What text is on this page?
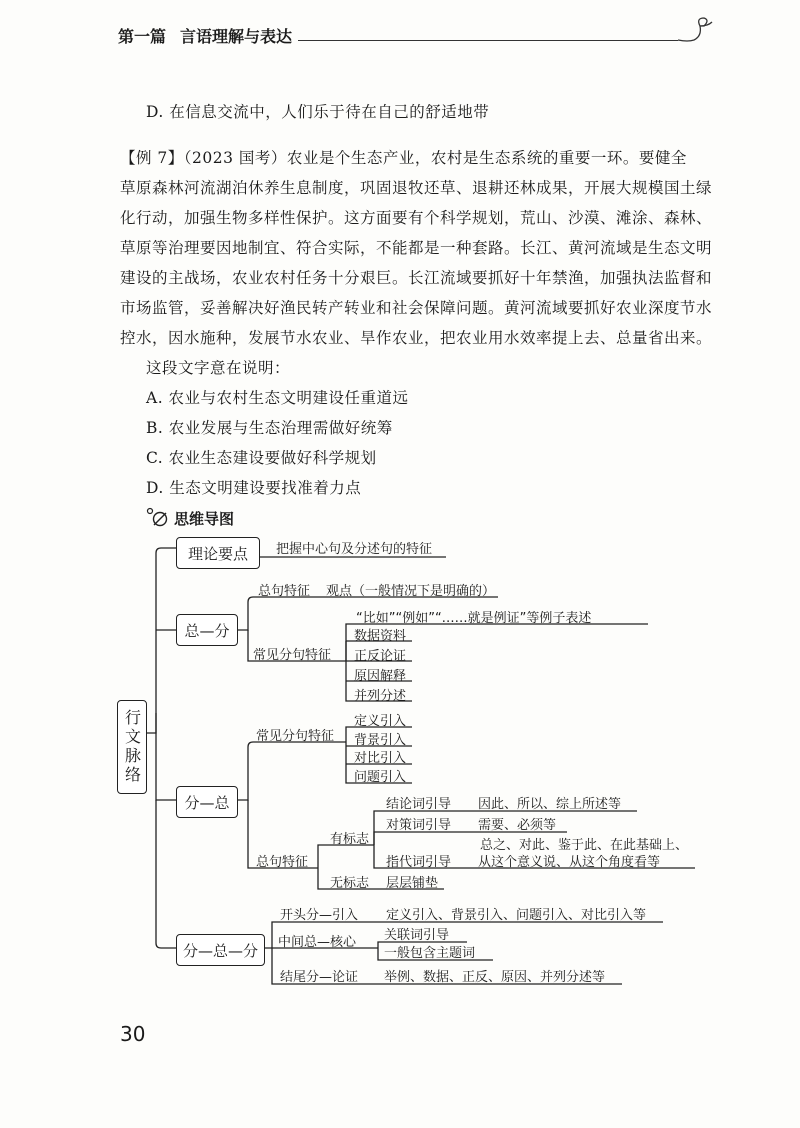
第一篇 言语理解与表达
D. 在信息交流中，人们乐于待在自己的舒适地带
【例 7】（2023 国考）农业是个生态产业，农村是生态系统的重要一环。要健全
草原森林河流湖泊休养生息制度，巩固退牧还草、退耕还林成果，开展大规模国土绿
化行动，加强生物多样性保护。这方面要有个科学规划，荒山、沙漠、滩涂、森林、
草原等治理要因地制宜、符合实际，不能都是一种套路。长江、黄河流域是生态文明
建设的主战场，农业农村任务十分艰巨。长江流域要抓好十年禁渔，加强执法监督和
市场监管，妥善解决好渔民转产转业和社会保障问题。黄河流域要抓好农业深度节水
控水，因水施种，发展节水农业、旱作农业，把农业用水效率提上去、总量省出来。
这段文字意在说明：
A. 农业与农村生态文明建设任重道远
B. 农业发展与生态治理需做好统筹
C. 农业生态建设要做好科学规划
D. 生态文明建设要找准着力点
思维导图
行文脉络
理论要点
总—分
分—总
分—总—分
把握中心句及分述句的特征
总句特征 观点（一般情况下是明确的）
常见分句特征
“比如”“例如”“……就是例证”等例子表述
数据资料
正反论证
原因解释
并列分述
常见分句特征
定义引入
背景引入
对比引入
问题引入
总句特征
有标志
无标志 层层铺垫
结论词引导 因此、所以、综上所述等
对策词引导 需要、必须等
指代词引导
总之、对此、鉴于此、在此基础上、
从这个意义说、从这个角度看等
开头分—引入 定义引入、背景引入、问题引入、对比引入等
中间总—核心 关联词引导
一般包含主题词
结尾分—论证 举例、数据、正反、原因、并列分述等
30
